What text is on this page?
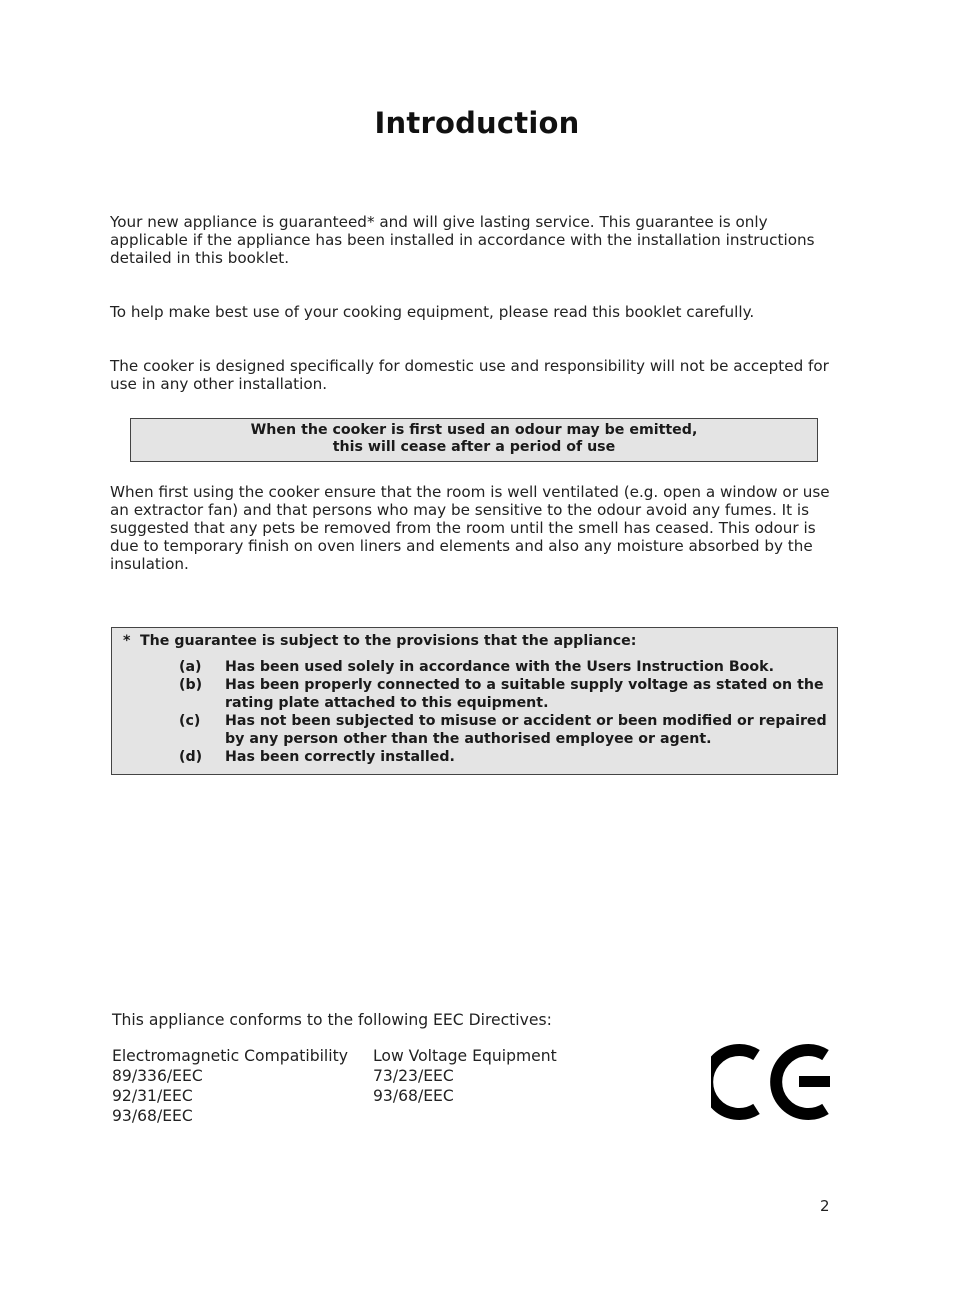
Introduction
Your new appliance is guaranteed* and will give lasting service. This guarantee is only applicable if the appliance has been installed in accordance with the installation instructions detailed in this booklet.
To help make best use of your cooking equipment, please read this booklet carefully.
The cooker is designed specifically for domestic use and responsibility will not be accepted for use in any other installation.
When the cooker is first used an odour may be emitted,
this will cease after a period of use

When first using the cooker ensure that the room is well ventilated (e.g. open a window or use an extractor fan) and that persons who may be sensitive to the odour avoid any fumes. It is

suggested that any pets be removed from the room until the smell has ceased. This odour is due to temporary finish on oven liners and elements and also any moisture absorbed by the insulation.

* The guarantee is subject to the provisions that the appliance:
(a) Has been used solely in accordance with the Users Instruction Book.
(b) Has been properly connected to a suitable supply voltage as stated on the rating plate attached to this equipment.
(c) Has not been subjected to misuse or accident or been modified or repaired by any person other than the authorised employee or agent.
(d) Has been correctly installed.
This appliance conforms to the following EEC Directives:
Electromagnetic Compatibility
89/336/EEC
92/31/EEC
93/68/EEC
Low Voltage Equipment
73/23/EEC
93/68/EEC
2
